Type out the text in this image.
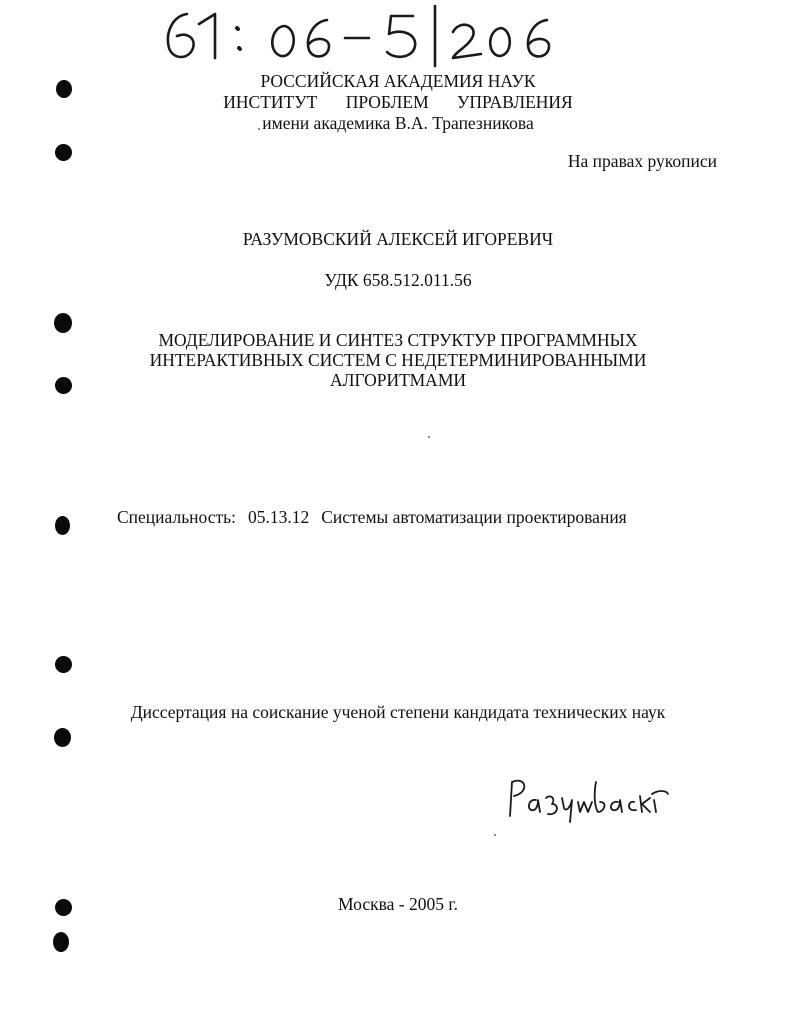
РОССИЙСКАЯ АКАДЕМИЯ НАУК
ИНСТИТУТ ПРОБЛЕМ УПРАВЛЕНИЯ
имени академика В.А. Трапезникова
На правах рукописи
РАЗУМОВСКИЙ АЛЕКСЕЙ ИГОРЕВИЧ
УДК 658.512.011.56
МОДЕЛИРОВАНИЕ И СИНТЕЗ СТРУКТУР ПРОГРАММНЫХ
ИНТЕРАКТИВНЫХ СИСТЕМ С НЕДЕТЕРМИНИРОВАННЫМИ
АЛГОРИТМАМИ
Специальность: 05.13.12 Системы автоматизации проектирования
Диссертация на соискание ученой степени кандидата технических наук
Москва - 2005 г.
